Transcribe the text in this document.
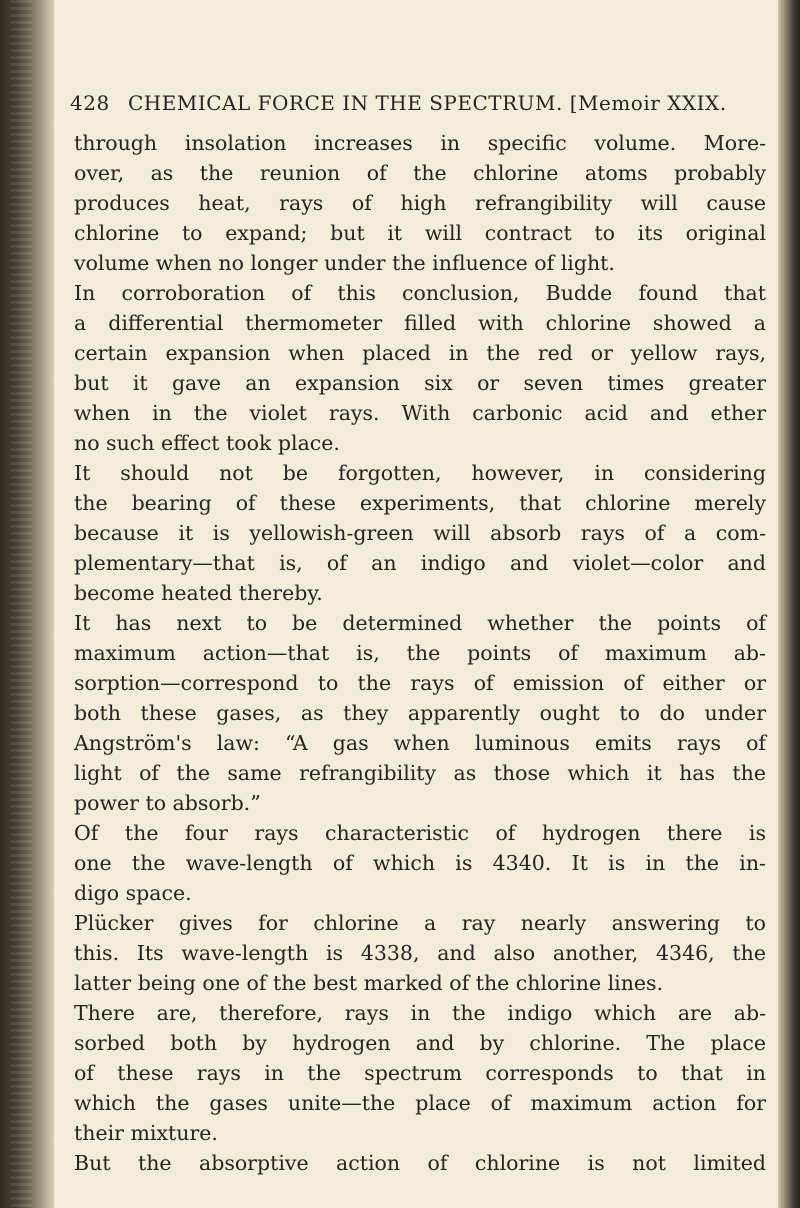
428 CHEMICAL FORCE IN THE SPECTRUM. [Memoir XXIX.
through insolation increases in specific volume. More-
over, as the reunion of the chlorine atoms probably
produces heat, rays of high refrangibility will cause
chlorine to expand; but it will contract to its original
volume when no longer under the influence of light.
In corroboration of this conclusion, Budde found that
a differential thermometer filled with chlorine showed a
certain expansion when placed in the red or yellow rays,
but it gave an expansion six or seven times greater
when in the violet rays. With carbonic acid and ether
no such effect took place.
It should not be forgotten, however, in considering
the bearing of these experiments, that chlorine merely
because it is yellowish-green will absorb rays of a com-
plementary—that is, of an indigo and violet—color and
become heated thereby.
It has next to be determined whether the points of
maximum action—that is, the points of maximum ab-
sorption—correspond to the rays of emission of either or
both these gases, as they apparently ought to do under
Angström's law: “A gas when luminous emits rays of
light of the same refrangibility as those which it has the
power to absorb.”
Of the four rays characteristic of hydrogen there is
one the wave-length of which is 4340. It is in the in-
digo space.
Plücker gives for chlorine a ray nearly answering to
this. Its wave-length is 4338, and also another, 4346, the
latter being one of the best marked of the chlorine lines.
There are, therefore, rays in the indigo which are ab-
sorbed both by hydrogen and by chlorine. The place
of these rays in the spectrum corresponds to that in
which the gases unite—the place of maximum action for
their mixture.
But the absorptive action of chlorine is not limited
